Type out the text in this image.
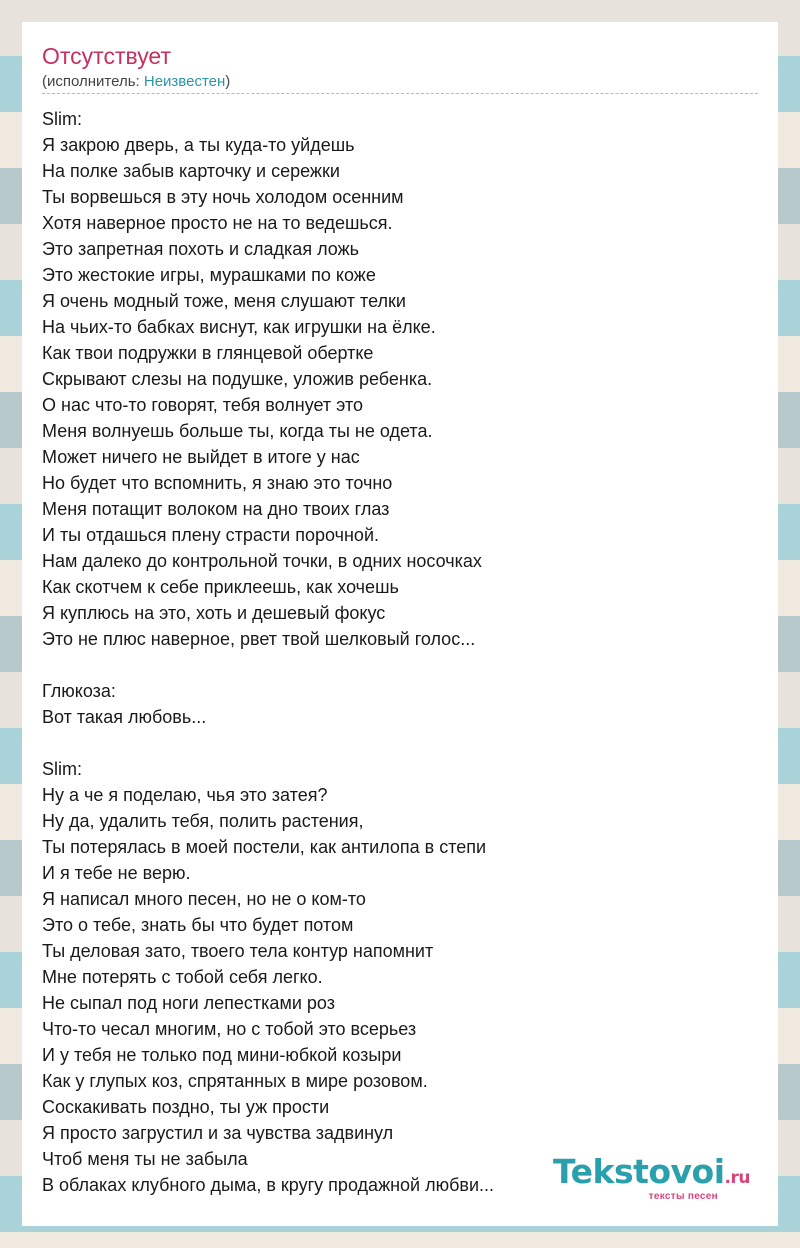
Отсутствует
(исполнитель: Неизвестен)
Slim:
Я закрою дверь, а ты куда-то уйдешь
На полке забыв карточку и сережки
Ты ворвешься в эту ночь холодом осенним
Хотя наверное просто не на то ведешься.
Это запретная похоть и сладкая ложь
Это жестокие игры, мурашками по коже
Я очень модный тоже, меня слушают телки
На чьих-то бабках виснут, как игрушки на ёлке.
Как твои подружки в глянцевой обертке
Скрывают слезы на подушке, уложив ребенка.
О нас что-то говорят, тебя волнует это
Меня волнуешь больше ты, когда ты не одета.
Может ничего не выйдет в итоге у нас
Но будет что вспомнить, я знаю это точно
Меня потащит волоком на дно твоих глаз
И ты отдашься плену страсти порочной.
Нам далеко до контрольной точки, в одних носочках
Как скотчем к себе приклеешь, как хочешь
Я куплюсь на это, хоть и дешевый фокус
Это не плюс наверное, рвет твой шелковый голос...
Глюкоза:
Вот такая любовь...
Slim:
Ну а че я поделаю, чья это затея?
Ну да, удалить тебя, полить растения,
Ты потерялась в моей постели, как антилопа в степи
И я тебе не верю.
Я написал много песен, но не о ком-то
Это о тебе, знать бы что будет потом
Ты деловая зато, твоего тела контур напомнит
Мне потерять с тобой себя легко.
Не сыпал под ноги лепестками роз
Что-то чесал многим, но с тобой это всерьез
И у тебя не только под мини-юбкой козыри
Как у глупых коз, спрятанных в мире розовом.
Соскакивать поздно, ты уж прости
Я просто загрустил и за чувства задвинул
Чтоб меня ты не забыла
В облаках клубного дыма, в кругу продажной любви...	Tekstovoi.ru
тексты песен
